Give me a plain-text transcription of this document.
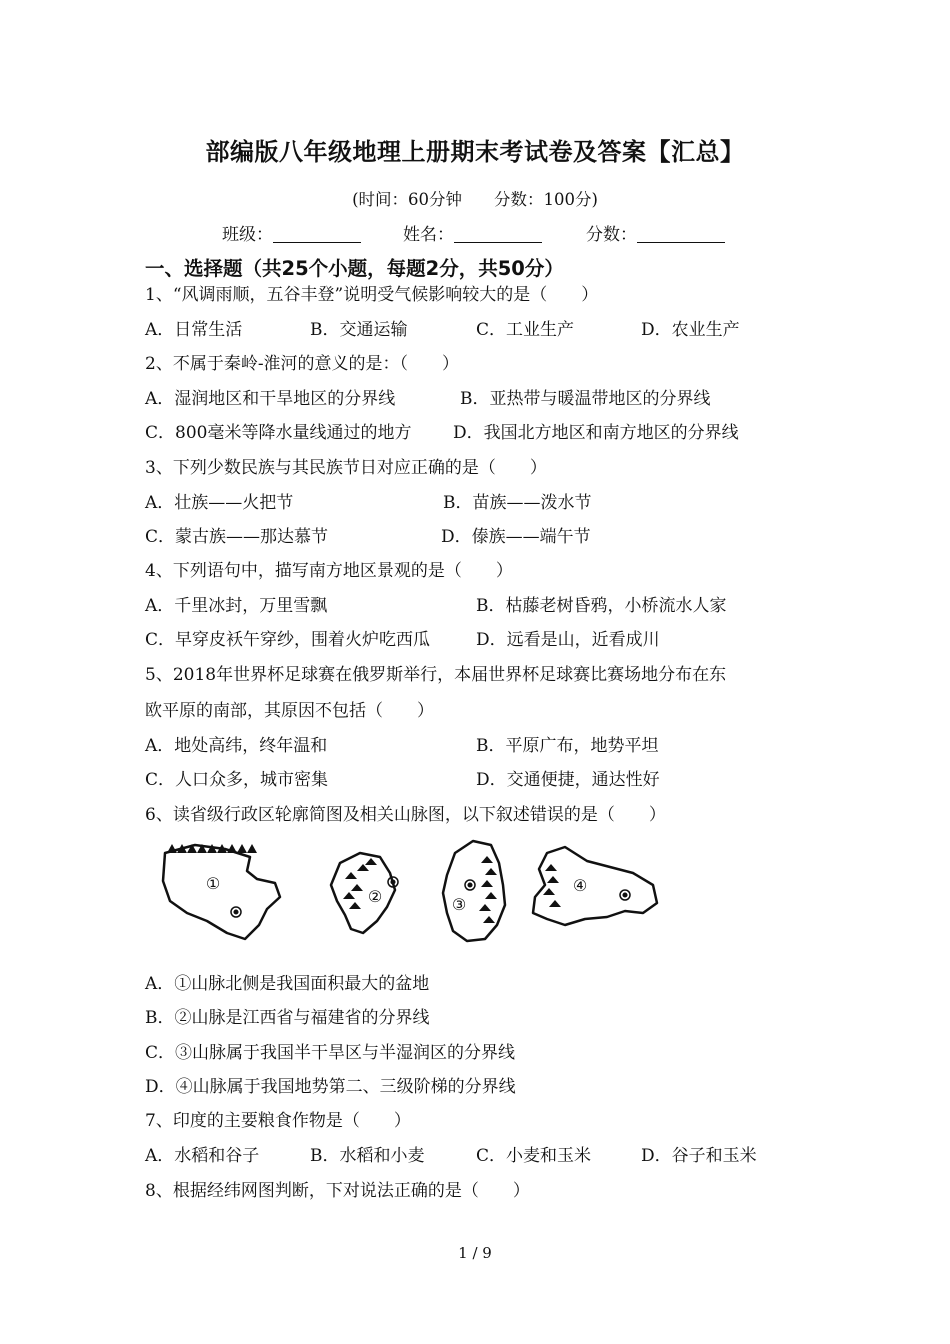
部编版八年级地理上册期末考试卷及答案【汇总】
(时间：60分钟 分数：100分)
班级：	姓名：	分数：
一、选择题（共25个小题，每题2分，共50分）
1、“风调雨顺，五谷丰登”说明受气候影响较大的是（　　）
A．日常生活	B．交通运输	C．工业生产	D．农业生产
2、不属于秦岭-淮河的意义的是：（　　）
A．湿润地区和干旱地区的分界线	B．亚热带与暖温带地区的分界线
C．800毫米等降水量线通过的地方 D．我国北方地区和南方地区的分界线
3、下列少数民族与其民族节日对应正确的是（　　）
A．壮族——火把节	B．苗族——泼水节
C．蒙古族——那达慕节	D．傣族——端午节
4、下列语句中，描写南方地区景观的是（　　）
A．千里冰封，万里雪飘	B．枯藤老树昏鸦，小桥流水人家
C．早穿皮袄午穿纱，围着火炉吃西瓜	D．远看是山，近看成川
5、2018年世界杯足球赛在俄罗斯举行，本届世界杯足球赛比赛场地分布在东
欧平原的南部，其原因不包括（　　）
A．地处高纬，终年温和	B．平原广布，地势平坦
C．人口众多，城市密集	D．交通便捷，通达性好
6、读省级行政区轮廓简图及相关山脉图，以下叙述错误的是（　　）
①
②	③
④
A．①山脉北侧是我国面积最大的盆地
B．②山脉是江西省与福建省的分界线
C．③山脉属于我国半干旱区与半湿润区的分界线
D．④山脉属于我国地势第二、三级阶梯的分界线
7、印度的主要粮食作物是（　　）
A．水稻和谷子	B．水稻和小麦	C．小麦和玉米	D．谷子和玉米
8、根据经纬网图判断，下对说法正确的是（　　）
1 / 9
